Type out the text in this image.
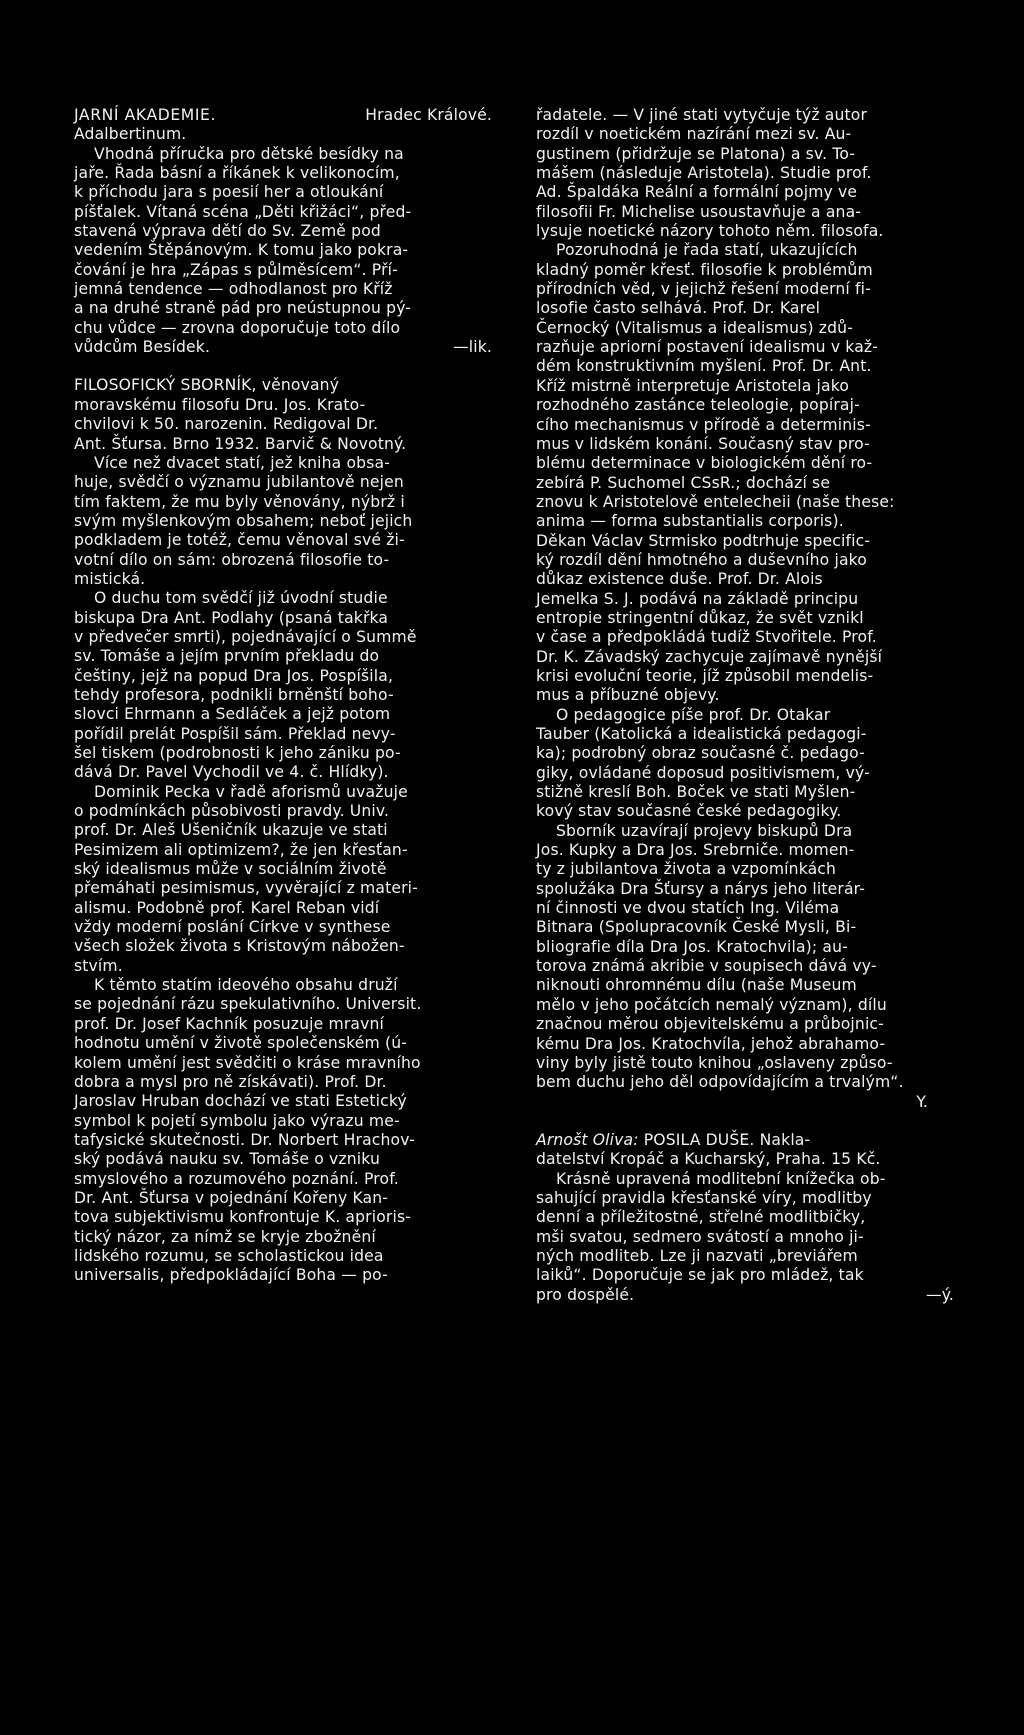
JARNÍ AKADEMIE.	Hradec Králové.
Adalbertinum.
Vhodná příručka pro dětské besídky na
jaře. Řada básní a říkánek k velikonocím,
k příchodu jara s poesií her a otloukání
píšťalek. Vítaná scéna „Děti křižáci“, před-
stavená výprava dětí do Sv. Země pod
vedením Štěpánovým. K tomu jako pokra-
čování je hra „Zápas s půlměsícem“. Pří-
jemná tendence — odhodlanost pro Kříž
a na druhé straně pád pro neústupnou pý-
chu vůdce — zrovna doporučuje toto dílo
vůdcům Besídek.	—lik.
FILOSOFICKÝ SBORNÍK, věnovaný
moravskému filosofu Dru. Jos. Krato-
chvilovi k 50. narozenin. Redigoval Dr.
Ant. Šťursa. Brno 1932. Barvič & Novotný.
Více než dvacet statí, jež kniha obsa-
huje, svědčí o významu jubilantově nejen
tím faktem, že mu byly věnovány, nýbrž i
svým myšlenkovým obsahem; neboť jejich
podkladem je totéž, čemu věnoval své ži-
votní dílo on sám: obrozená filosofie to-
mistická.
O duchu tom svědčí již úvodní studie
biskupa Dra Ant. Podlahy (psaná takřka
v předvečer smrti), pojednávající o Summě
sv. Tomáše a jejím prvním překladu do
češtiny, jejž na popud Dra Jos. Pospíšila,
tehdy profesora, podnikli brněnští boho-
slovci Ehrmann a Sedláček a jejž potom
pořídil prelát Pospíšil sám. Překlad nevy-
šel tiskem (podrobnosti k jeho zániku po-
dává Dr. Pavel Vychodil ve 4. č. Hlídky).
Dominik Pecka v řadě aforismů uvažuje
o podmínkách působivosti pravdy. Univ.
prof. Dr. Aleš Ušeničník ukazuje ve stati
Pesimizem ali optimizem?, že jen křesťan-
ský idealismus může v sociálním životě
přemáhati pesimismus, vyvěrající z materi-
alismu. Podobně prof. Karel Reban vidí
vždy moderní poslání Církve v synthese
všech složek života s Kristovým nábožen-
stvím.
K těmto statím ideového obsahu druží
se pojednání rázu spekulativního. Universit.
prof. Dr. Josef Kachník posuzuje mravní
hodnotu umění v životě společenském (ú-
kolem umění jest svědčiti o kráse mravního
dobra a mysl pro ně získávati). Prof. Dr.
Jaroslav Hruban dochází ve stati Estetický
symbol k pojetí symbolu jako výrazu me-
tafysické skutečnosti. Dr. Norbert Hrachov-
ský podává nauku sv. Tomáše o vzniku
smyslového a rozumového poznání. Prof.
Dr. Ant. Šťursa v pojednání Kořeny Kan-
tova subjektivismu konfrontuje K. aprioris-
tický názor, za nímž se kryje zbožnění
lidského rozumu, se scholastickou idea
universalis, předpokládající Boha — po-
řadatele. — V jiné stati vytyčuje týž autor
rozdíl v noetickém nazírání mezi sv. Au-
gustinem (přidržuje se Platona) a sv. To-
mášem (následuje Aristotela). Studie prof.
Ad. Špaldáka Reální a formální pojmy ve
filosofii Fr. Michelise usoustavňuje a ana-
lysuje noetické názory tohoto něm. filosofa.
Pozoruhodná je řada statí, ukazujících
kladný poměr křesť. filosofie k problémům
přírodních věd, v jejichž řešení moderní fi-
losofie často selhává. Prof. Dr. Karel
Černocký (Vitalismus a idealismus) zdů-
razňuje apriorní postavení idealismu v kaž-
dém konstruktivním myšlení. Prof. Dr. Ant.
Kříž mistrně interpretuje Aristotela jako
rozhodného zastánce teleologie, popíraj-
cího mechanismus v přírodě a determinis-
mus v lidském konání. Současný stav pro-
blému determinace v biologickém dění ro-
zebírá P. Suchomel CSsR.; dochází se
znovu k Aristotelově entelecheii (naše these:
anima — forma substantialis corporis).
Děkan Václav Strmisko podtrhuje specific-
ký rozdíl dění hmotného a duševního jako
důkaz existence duše. Prof. Dr. Alois
Jemelka S. J. podává na základě principu
entropie stringentní důkaz, že svět vznikl
v čase a předpokládá tudíž Stvořitele. Prof.
Dr. K. Závadský zachycuje zajímavě nynější
krisi evoluční teorie, jíž způsobil mendelis-
mus a příbuzné objevy.
O pedagogice píše prof. Dr. Otakar
Tauber (Katolická a idealistická pedagogi-
ka); podrobný obraz současné č. pedago-
giky, ovládané doposud positivismem, vý-
stižně kreslí Boh. Boček ve stati Myšlen-
kový stav současné české pedagogiky.
Sborník uzavírají projevy biskupů Dra
Jos. Kupky a Dra Jos. Srebrniče. momen-
ty z jubilantova života a vzpomínkách
spolužáka Dra Šťursy a nárys jeho literár-
ní činnosti ve dvou statích Ing. Viléma
Bitnara (Spolupracovník České Mysli, Bi-
bliografie díla Dra Jos. Kratochvila); au-
torova známá akribie v soupisech dává vy-
niknouti ohromnému dílu (naše Museum
mělo v jeho počátcích nemalý význam), dílu
značnou měrou objevitelskému a průbojnic-
kému Dra Jos. Kratochvíla, jehož abrahamo-
viny byly jistě touto knihou „oslaveny způso-
bem duchu jeho děl odpovídajícím a trvalým“.
Y.
Arnošt Oliva: POSILA DUŠE. Nakla-
datelství Kropáč a Kucharský, Praha. 15 Kč.
Krásně upravená modlitební knížečka ob-
sahující pravidla křesťanské víry, modlitby
denní a příležitostné, střelné modlitbičky,
mši svatou, sedmero svátostí a mnoho ji-
ných modliteb. Lze ji nazvati „breviářem
laiků“. Doporučuje se jak pro mládež, tak
pro dospělé.	—ý.
